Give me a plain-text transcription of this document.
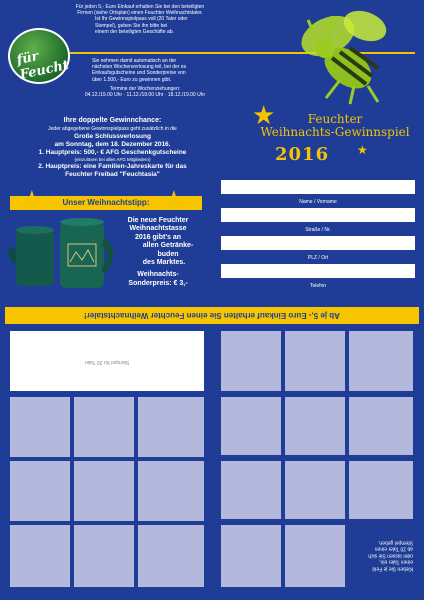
Für jeden 5,- Euro Einkauf erhalten Sie bei den beteiligten
Firmen (siehe Ortsplan) einen Feuchter Weihnachtstaler.
Ist Ihr Gewinnspielpass voll (20 Taler oder
Stempel), geben Sie ihn bitte bei
einem der beteiligten Geschäfte ab.
für Feucht	Sie nehmen damit automatisch an der
nächsten Wochenverlosung teil, bei der es
Einkaufsgutscheine und Sonderpreise von
über 1.500,- Euro zu gewinnen gibt.
Termine der Wochenziehungen:
04.12./19.00 Uhr · 11.12./19.00 Uhr · 18.12./19.00 Uhr
★	Feuchter
Weihnachts-Gewinnspiel
2016 ★
Ihre doppelte Gewinnchance:
Jeder abgegebene Gewinnspielpass geht zusätzlich in die
Große Schlussverlosung
am Sonntag, dem 18. Dezember 2016.
1. Hauptpreis: 500,- € AFG Geschenkgutscheine
(einzulösen bei allen AFG Mitgliedern)
2. Hauptpreis: eine Familien-Jahreskarte für das
Feuchter Freibad "Feuchtasia"
Unser Weihnachtstipp:
★	★
Die neue Feuchter
Weihnachtstasse
2016 gibt's an
allen Getränke-
buden
des Marktes.
Weihnachts-
Sonderpreis: € 3,-
Name / Vorname
Straße / Nr.
PLZ / Ort
Telefon
Ab je 5,- Euro Einkauf erhalten Sie einen Feuchter Weihnachtstaler!
Stempel für 20 Taler
Kleben Sie je Feld
einen Taler ein,
oder lassen Sie sich
ab 20 Taler einen
Stempel geben.
